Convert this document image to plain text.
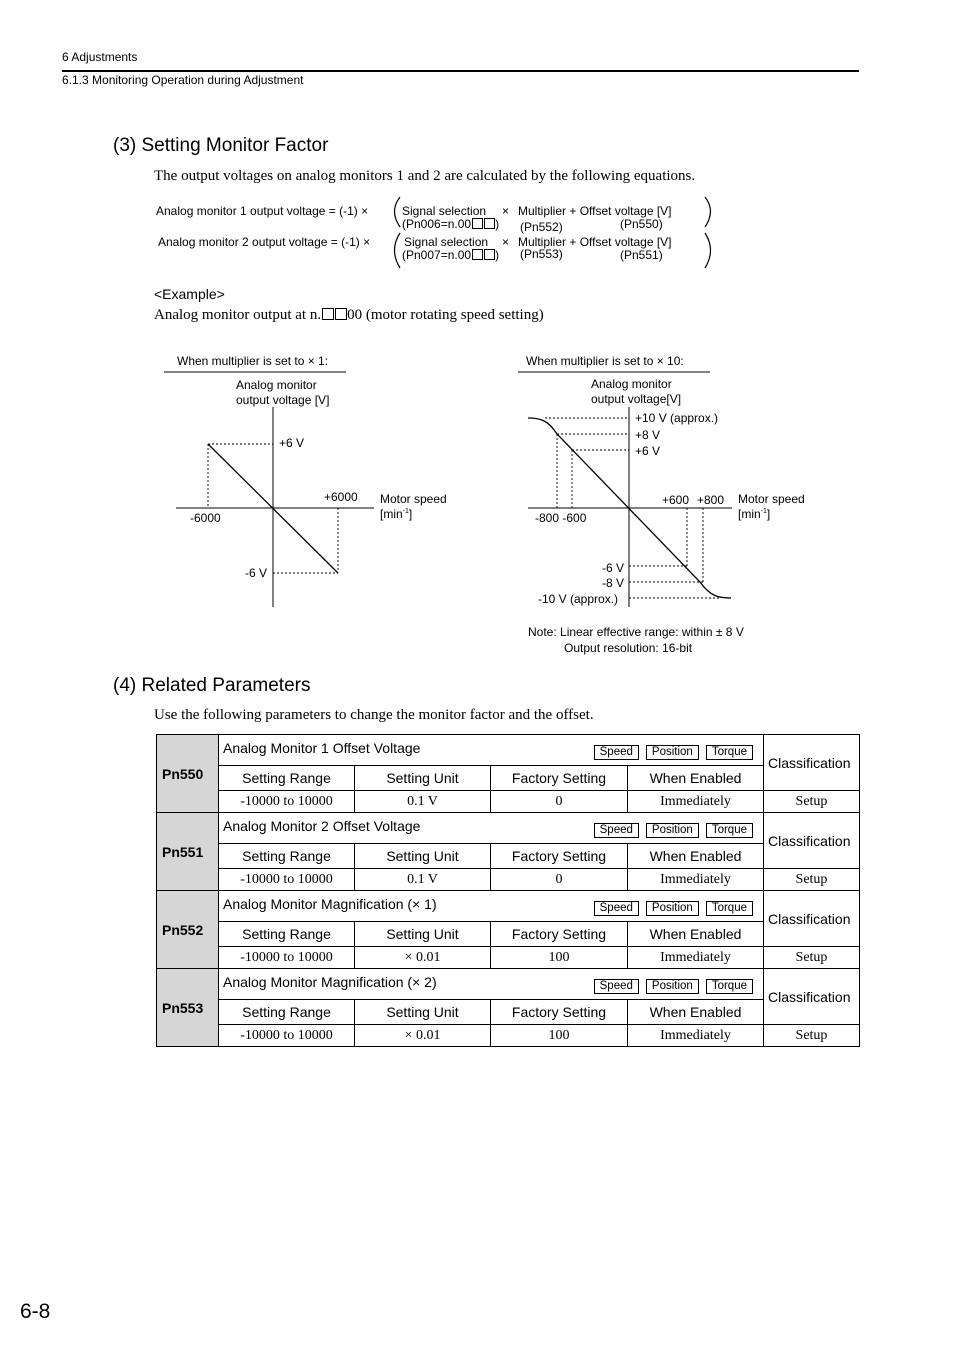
6 Adjustments
6.1.3 Monitoring Operation during Adjustment
(3) Setting Monitor Factor
The output voltages on analog monitors 1 and 2 are calculated by the following equations.
Analog monitor 1 output voltage = (-1) ×	Signal selection
(Pn006=n.00 )
× Multiplier + Offset voltage [V]
(Pn552)	(Pn550)
Analog monitor 2 output voltage = (-1) ×	Signal selection
(Pn007=n.00 )
× Multiplier + Offset voltage [V]
(Pn553)	(Pn551)
<Example>
Analog monitor output at n. 00 (motor rotating speed setting)
When multiplier is set to × 1:
Analog monitor
output voltage [V]
+6 V
+6000
-6000
-6 V
Motor speed
$[\min^{-1}]$
When multiplier is set to × 10:
Analog monitor
output voltage[V]
+10 V (approx.)
+8 V
+6 V
+600 +800
-800 -600
Motor speed
$[\min^{-1}]$
-6 V
-8 V
-10 V (approx.)
Note: Linear effective range: within ± 8 V
Output resolution: 16-bit
(4) Related Parameters
Use the following parameters to change the monitor factor and the offset.
Pn550	Analog Monitor 1 Offset Voltage Speed Position Torque				Classification
	Setting Range	Setting Unit	Factory Setting	When Enabled	
	-10000 to 10000	0.1 V	0	Immediately	Setup
Pn551	Analog Monitor 2 Offset Voltage Speed Position Torque				Classification
	Setting Range	Setting Unit	Factory Setting	When Enabled	
	-10000 to 10000	0.1 V	0	Immediately	Setup
Pn552	Analog Monitor Magnification (× 1) Speed Position Torque				Classification
	Setting Range	Setting Unit	Factory Setting	When Enabled	
	-10000 to 10000	× 0.01	100	Immediately	Setup
Pn553	Analog Monitor Magnification (× 2) Speed Position Torque				Classification
	Setting Range	Setting Unit	Factory Setting	When Enabled	
	-10000 to 10000	× 0.01	100	Immediately	Setup
6-8
